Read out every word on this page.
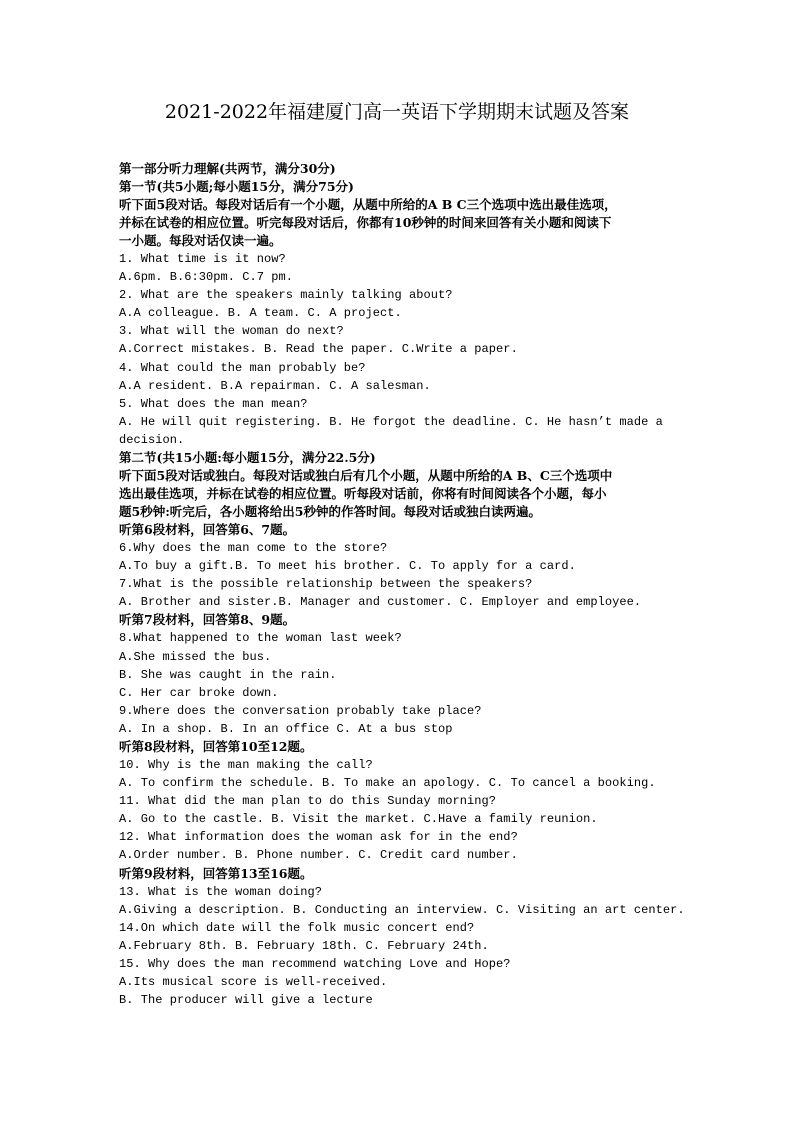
2021-2022年福建厦门高一英语下学期期末试题及答案
第一部分听力理解(共两节，满分30分)
第一节(共5小题;每小题15分，满分75分)
听下面5段对话。每段对话后有一个小题，从题中所给的A B C三个选项中选出最佳选项，
并标在试卷的相应位置。听完每段对话后，你都有10秒钟的时间来回答有关小题和阅读下
一小题。每段对话仅读一遍。
1. What time is it now?
A.6pm. B.6:30pm. C.7 pm.
2. What are the speakers mainly talking about?
A.A colleague. B. A team. C. A project.
3. What will the woman do next?
A.Correct mistakes. B. Read the paper. C.Write a paper.
4. What could the man probably be?
A.A resident. B.A repairman. C. A salesman.
5. What does the man mean?
A. He will quit registering. B. He forgot the deadline. C. He hasn’t made a
decision.
第二节(共15小题:每小题15分，满分22.5分)
听下面5段对话或独白。每段对话或独白后有几个小题，从题中所给的A B、C三个选项中
选出最佳选项，并标在试卷的相应位置。听每段对话前，你将有时间阅读各个小题，每小
题5秒钟:听完后，各小题将给出5秒钟的作答时间。每段对话或独白读两遍。
听第6段材料，回答第6、7题。
6.Why does the man come to the store?
A.To buy a gift.B. To meet his brother. C. To apply for a card.
7.What is the possible relationship between the speakers?
A. Brother and sister.B. Manager and customer. C. Employer and employee.
听第7段材料，回答第8、9题。
8.What happened to the woman last week?
A.She missed the bus.
B. She was caught in the rain.
C. Her car broke down.
9.Where does the conversation probably take place?
A. In a shop. B. In an office C. At a bus stop
听第8段材料，回答第10至12题。
10. Why is the man making the call?
A. To confirm the schedule. B. To make an apology. C. To cancel a booking.
11. What did the man plan to do this Sunday morning?
A. Go to the castle. B. Visit the market. C.Have a family reunion.
12. What information does the woman ask for in the end?
A.Order number. B. Phone number. C. Credit card number.
听第9段材料，回答第13至16题。
13. What is the woman doing?
A.Giving a description. B. Conducting an interview. C. Visiting an art center.
14.On which date will the folk music concert end?
A.February 8th. B. February 18th. C. February 24th.
15. Why does the man recommend watching Love and Hope?
A.Its musical score is well-received.
B. The producer will give a lecture
